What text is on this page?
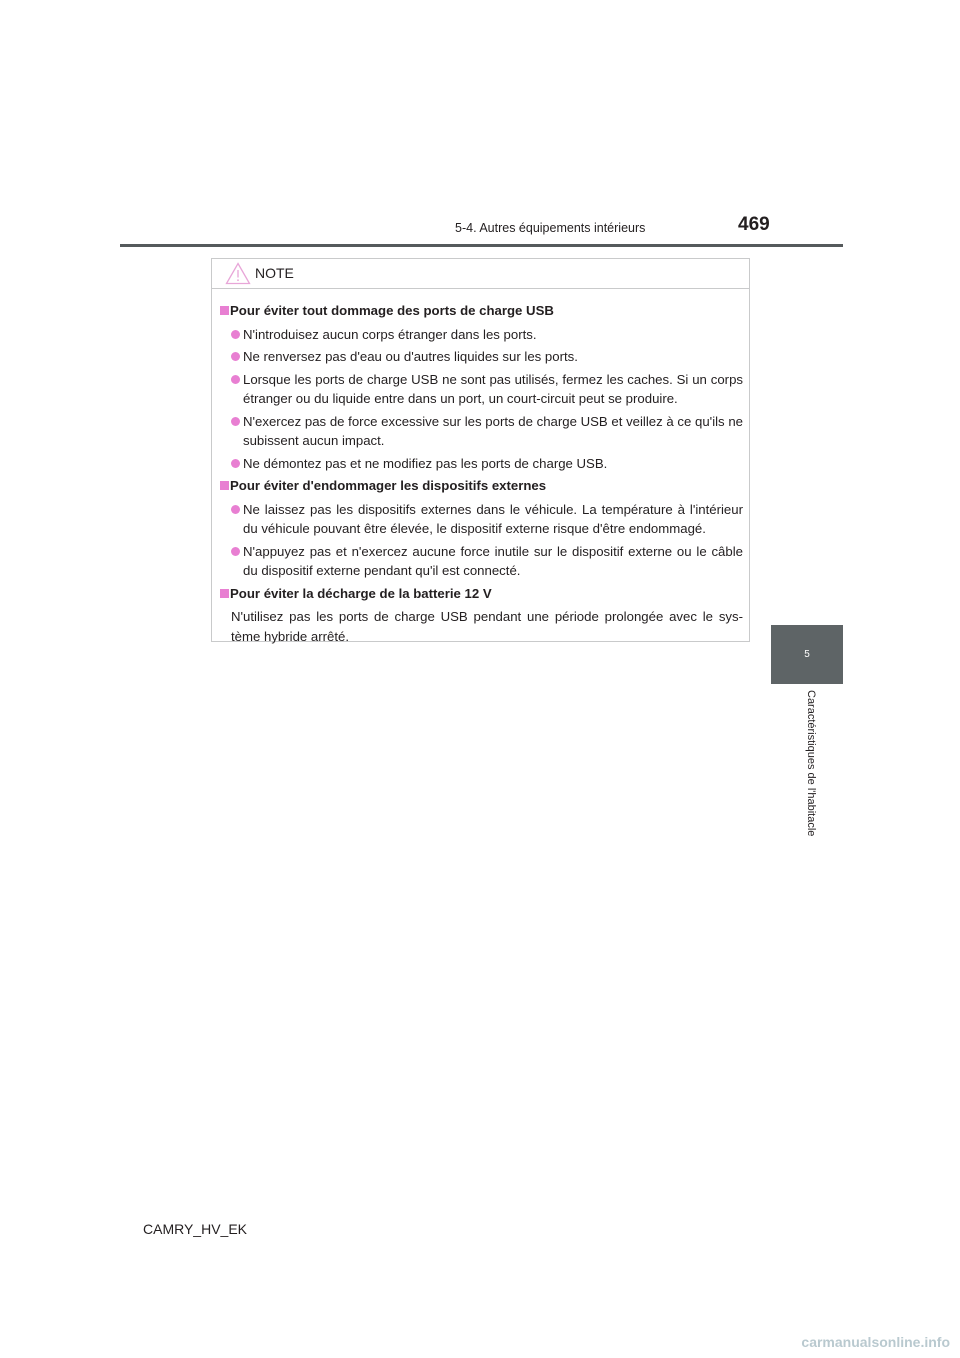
5-4. Autres équipements intérieurs	469
5
Caractéristiques de l'habitacle
NOTE
Pour éviter tout dommage des ports de charge USB
N'introduisez aucun corps étranger dans les ports.
Ne renversez pas d'eau ou d'autres liquides sur les ports.
Lorsque les ports de charge USB ne sont pas utilisés, fermez les caches. Si un corps étranger ou du liquide entre dans un port, un court-circuit peut se produire.
N'exercez pas de force excessive sur les ports de charge USB et veillez à ce qu'ils ne subissent aucun impact.
Ne démontez pas et ne modifiez pas les ports de charge USB.
Pour éviter d'endommager les dispositifs externes
Ne laissez pas les dispositifs externes dans le véhicule. La température à l'intérieur du véhicule pouvant être élevée, le dispositif externe risque d'être endommagé.
N'appuyez pas et n'exercez aucune force inutile sur le dispositif externe ou le câble du dispositif externe pendant qu'il est connecté.
Pour éviter la décharge de la batterie 12 V
N'utilisez pas les ports de charge USB pendant une période prolongée avec le sys-tème hybride arrêté.
CAMRY_HV_EK
carmanualsonline.info
